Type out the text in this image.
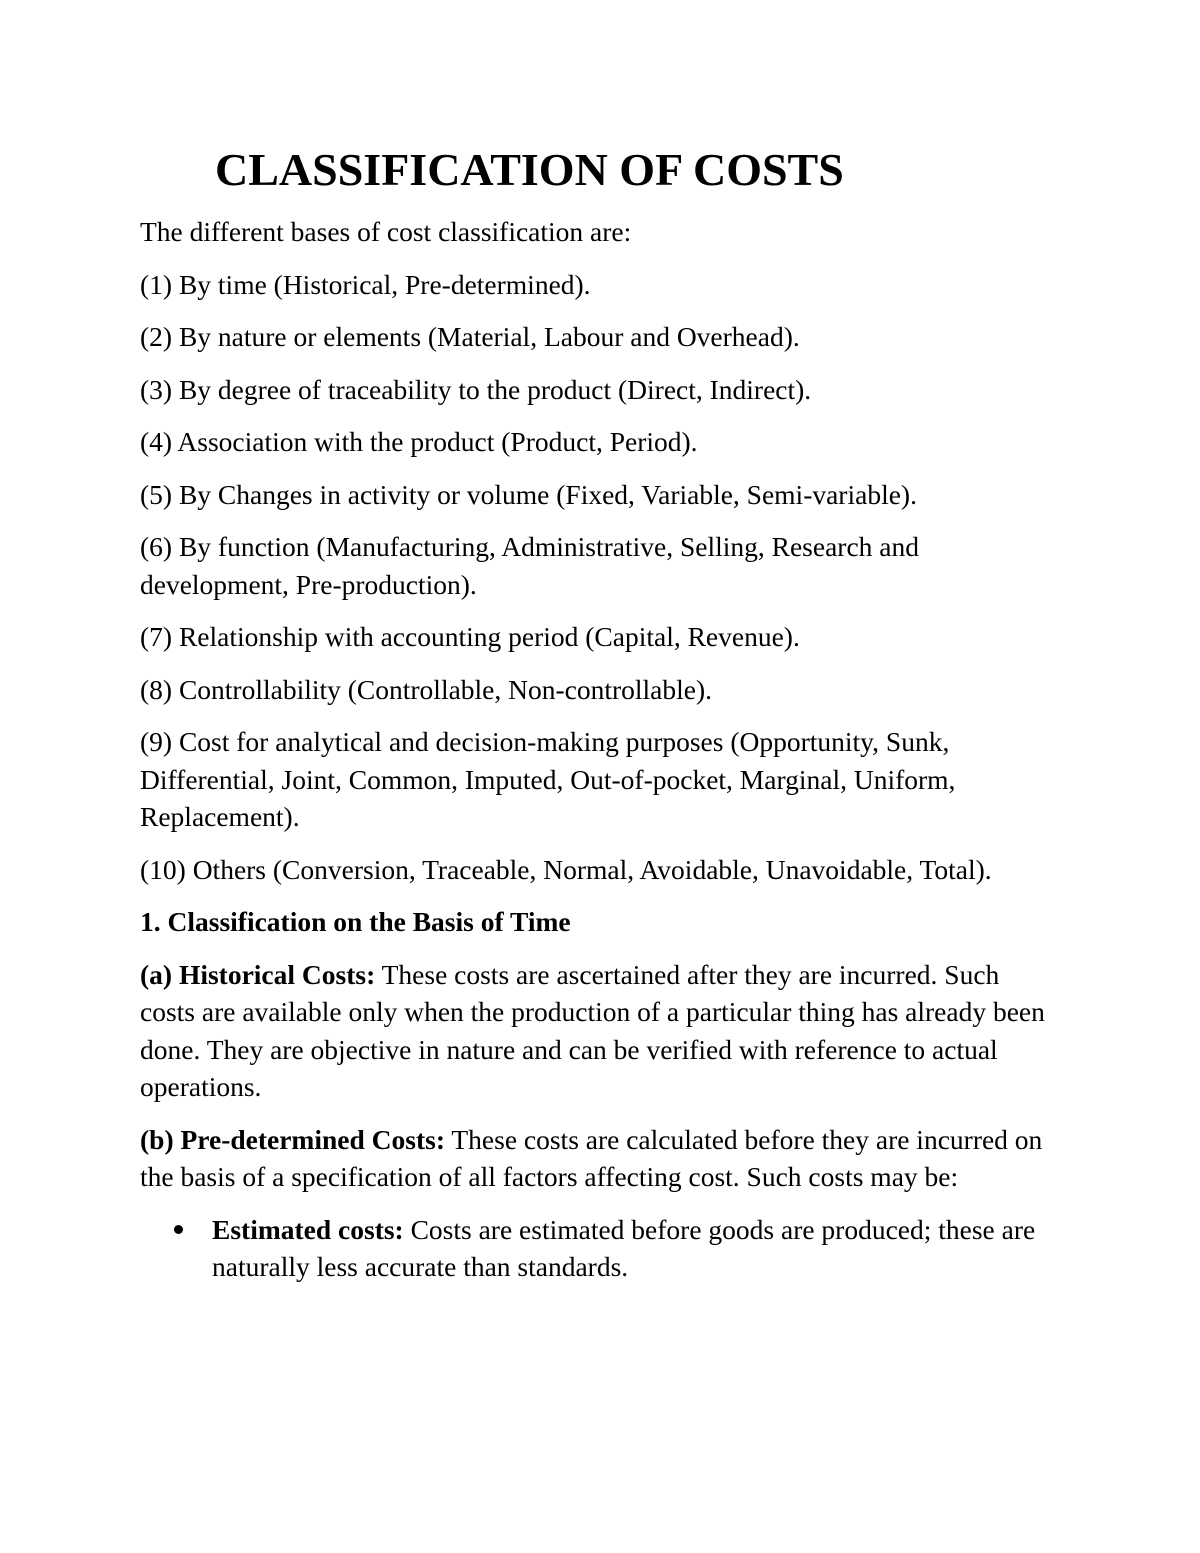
CLASSIFICATION OF COSTS

The different bases of cost classification are:

(1) By time (Historical, Pre-determined).

(2) By nature or elements (Material, Labour and Overhead).

(3) By degree of traceability to the product (Direct, Indirect).

(4) Association with the product (Product, Period).

(5) By Changes in activity or volume (Fixed, Variable, Semi-variable).

(6) By function (Manufacturing, Administrative, Selling, Research and development, Pre-production).

(7) Relationship with accounting period (Capital, Revenue).

(8) Controllability (Controllable, Non-controllable).

(9) Cost for analytical and decision-making purposes (Opportunity, Sunk, Differential, Joint, Common, Imputed, Out-of-pocket, Marginal, Uniform, Replacement).

(10) Others (Conversion, Traceable, Normal, Avoidable, Unavoidable, Total).

1. Classification on the Basis of Time

(a) Historical Costs: These costs are ascertained after they are incurred. Such costs are available only when the production of a particular thing has already been done. They are objective in nature and can be verified with reference to actual operations.

(b) Pre-determined Costs: These costs are calculated before they are incurred on the basis of a specification of all factors affecting cost. Such costs may be:

Estimated costs: Costs are estimated before goods are produced; these are naturally less accurate than standards.
